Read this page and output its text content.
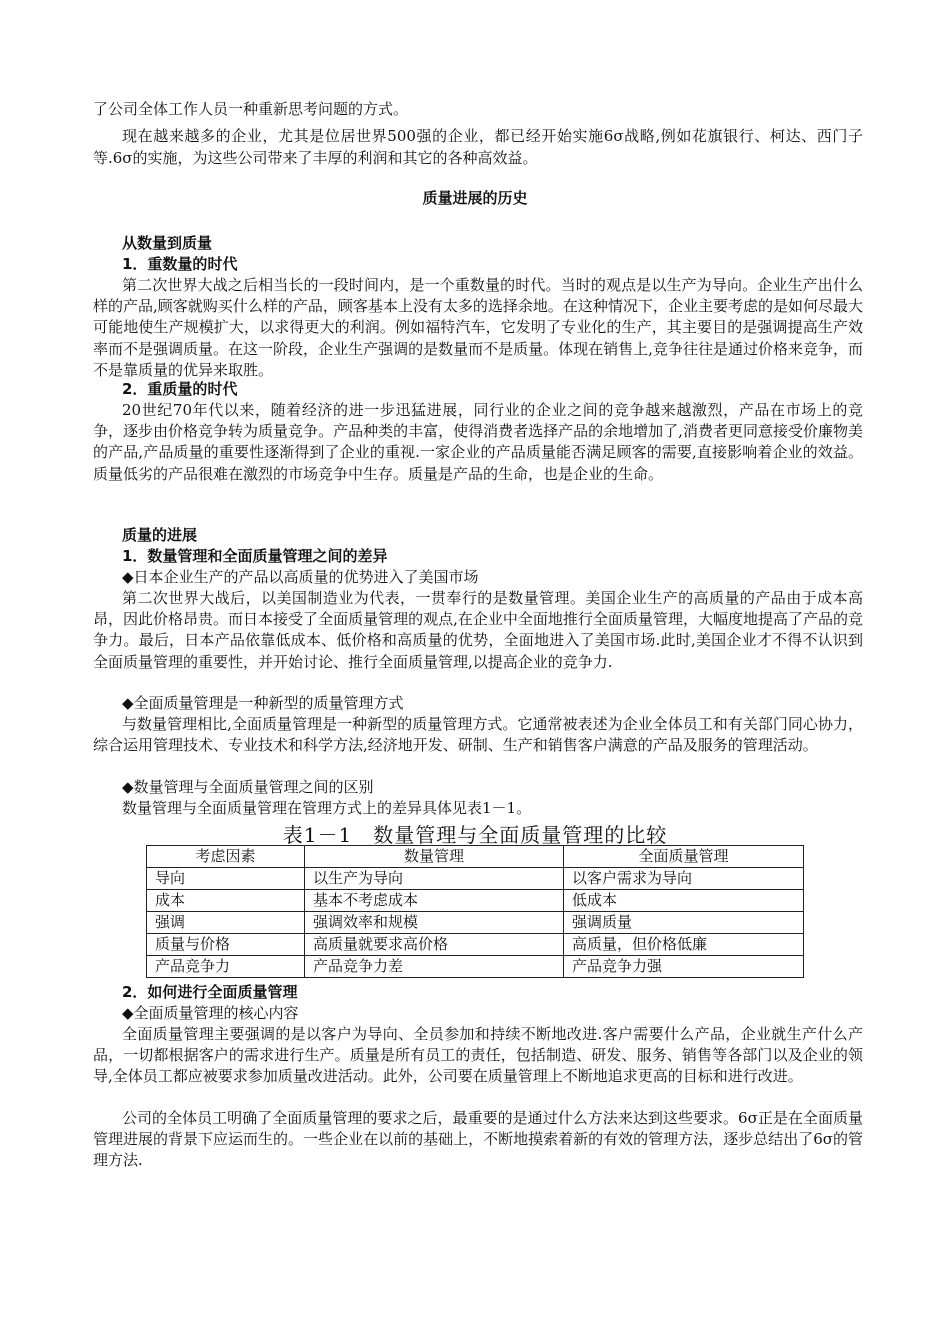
了公司全体工作人员一种重新思考问题的方式。

现在越来越多的企业，尤其是位居世界500强的企业，都已经开始实施6σ战略,例如花旗银行、柯达、西门子等.6σ的实施，为这些公司带来了丰厚的利润和其它的各种高效益。

质量进展的历史
从数量到质量
1．重数量的时代

第二次世界大战之后相当长的一段时间内，是一个重数量的时代。当时的观点是以生产为导向。企业生产出什么样的产品,顾客就购买什么样的产品，顾客基本上没有太多的选择余地。在这种情况下，企业主要考虑的是如何尽最大可能地使生产规模扩大，以求得更大的利润。例如福特汽车，它发明了专业化的生产，其主要目的是强调提高生产效率而不是强调质量。在这一阶段，企业生产强调的是数量而不是质量。体现在销售上,竞争往往是通过价格来竞争，而不是靠质量的优异来取胜。

2．重质量的时代

20世纪70年代以来，随着经济的进一步迅猛进展，同行业的企业之间的竞争越来越激烈，产品在市场上的竞争，逐步由价格竞争转为质量竞争。产品种类的丰富，使得消费者选择产品的余地增加了,消费者更同意接受价廉物美的产品,产品质量的重要性逐渐得到了企业的重视.一家企业的产品质量能否满足顾客的需要,直接影响着企业的效益。质量低劣的产品很难在激烈的市场竞争中生存。质量是产品的生命，也是企业的生命。

质量的进展
1．数量管理和全面质量管理之间的差异
◆日本企业生产的产品以高质量的优势进入了美国市场

第二次世界大战后，以美国制造业为代表，一贯奉行的是数量管理。美国企业生产的高质量的产品由于成本高昂，因此价格昂贵。而日本接受了全面质量管理的观点,在企业中全面地推行全面质量管理，大幅度地提高了产品的竞争力。最后，日本产品依靠低成本、低价格和高质量的优势，全面地进入了美国市场.此时,美国企业才不得不认识到全面质量管理的重要性，并开始讨论、推行全面质量管理,以提高企业的竞争力.

◆全面质量管理是一种新型的质量管理方式

与数量管理相比,全面质量管理是一种新型的质量管理方式。它通常被表述为企业全体员工和有关部门同心协力，综合运用管理技术、专业技术和科学方法,经济地开发、研制、生产和销售客户满意的产品及服务的管理活动。

◆数量管理与全面质量管理之间的区别
数量管理与全面质量管理在管理方式上的差异具体见表1－1。
表1－1　数量管理与全面质量管理的比较
考虑因素	数量管理	全面质量管理
导向	以生产为导向	以客户需求为导向
成本	基本不考虑成本	低成本
强调	强调效率和规模	强调质量
质量与价格	高质量就要求高价格	高质量，但价格低廉
产品竞争力	产品竞争力差	产品竞争力强
2．如何进行全面质量管理
◆全面质量管理的核心内容

全面质量管理主要强调的是以客户为导向、全员参加和持续不断地改进.客户需要什么产品，企业就生产什么产品，一切都根据客户的需求进行生产。质量是所有员工的责任，包括制造、研发、服务、销售等各部门以及企业的领导,全体员工都应被要求参加质量改进活动。此外，公司要在质量管理上不断地追求更高的目标和进行改进。

公司的全体员工明确了全面质量管理的要求之后，最重要的是通过什么方法来达到这些要求。6σ正是在全面质量管理进展的背景下应运而生的。一些企业在以前的基础上，不断地摸索着新的有效的管理方法，逐步总结出了6σ的管理方法.
